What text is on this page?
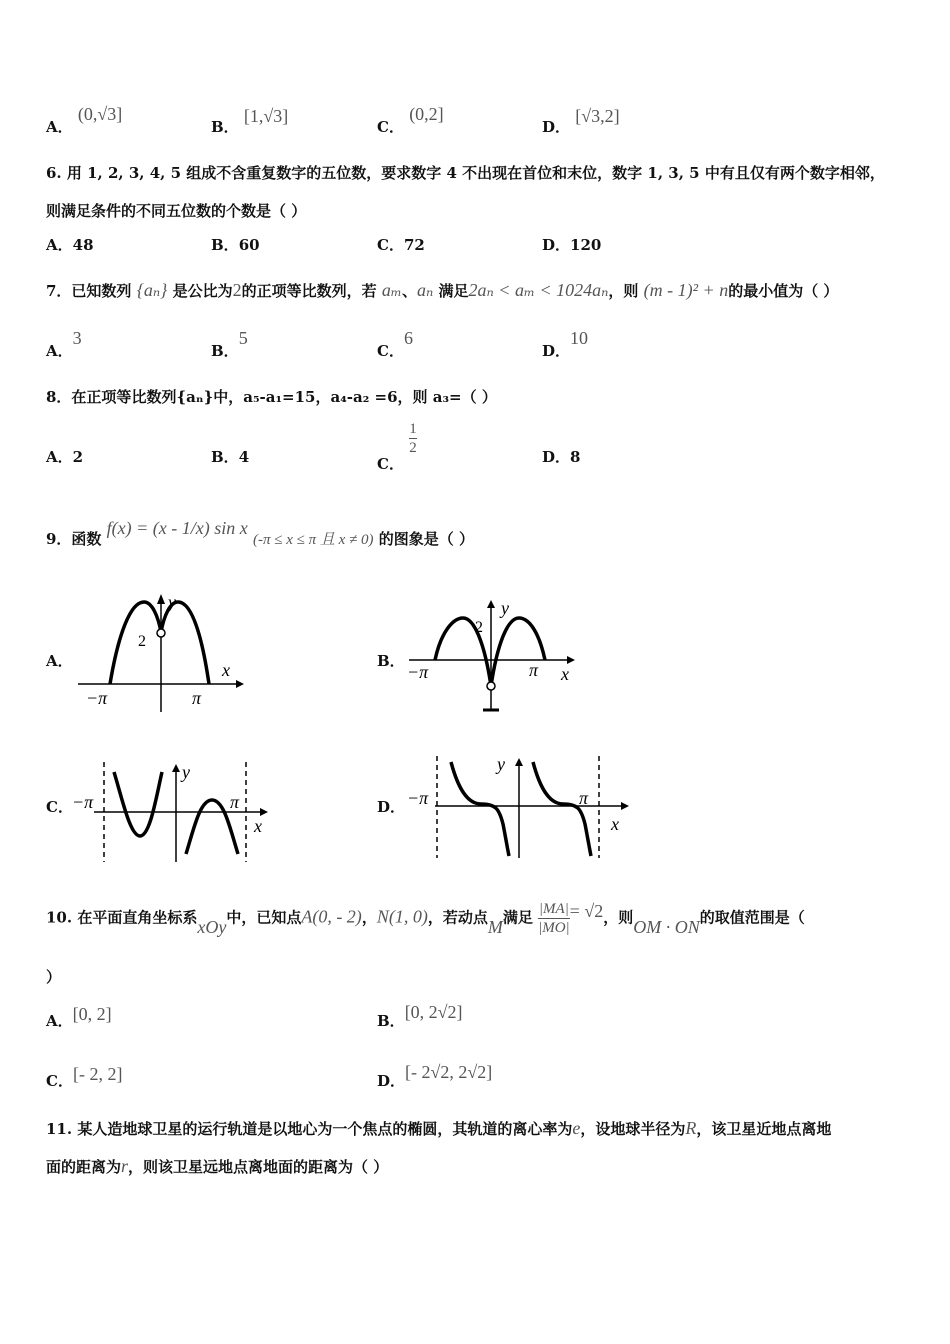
A． (0,√3]
B． [1,√3]
C． (0,2]
D． [√3,2]
6. 用 1, 2, 3, 4, 5 组成不含重复数字的五位数，要求数字 4 不出现在首位和末位，数字 1, 3, 5 中有且仅有两个数字相邻，
则满足条件的不同五位数的个数是（ ）
A．48	B．60	C．72	D．120
7．已知数列 {aₙ} 是公比为2的正项等比数列，若 aₘ、aₙ 满足2aₙ < aₘ < 1024aₙ，则 (m - 1)² + n的最小值为（ ）
A．3
B．5
C．6
D．10
8．在正项等比数列{aₙ}中，a₅-a₁=15，a₄-a₂ =6，则 a₃=（ ）
A．2	B．4	C．
$\frac{1}{2}$	D．8
9．函数 f(x) = (x - 1/x) sin x (-π ≤ x ≤ π 且 x ≠ 0) 的图象是（ ）
A．	B．
C．	D．
y
x
2
−π	π
y
x
2
−π	π
y
x
−π	π
y
x
−π	π
10. 在平面直角坐标系xOy中，已知点A(0, - 2)，N(1, 0)，若动点M满足 $\frac{|MA|}{|MO|} = √2$，则OM · ON的取值范围是（
）
A．[0, 2]	B．[0, 2√2]
C．[- 2, 2]	D．[- 2√2, 2√2]
11. 某人造地球卫星的运行轨道是以地心为一个焦点的椭圆，其轨道的离心率为e，设地球半径为R，该卫星近地点离地
面的距离为r，则该卫星远地点离地面的距离为（ ）
